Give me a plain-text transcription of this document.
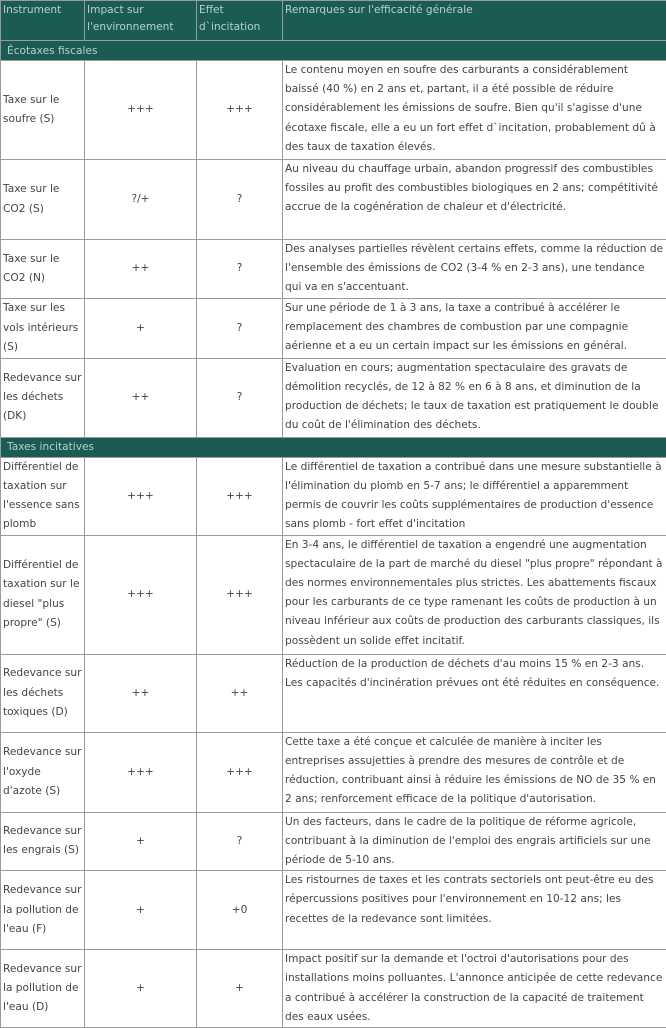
Instrument	Impact sur l'environnement	Effet d`incitation	Remarques sur l'efficacité générale
Écotaxes fiscales			
Taxe sur le soufre (S)	+++	+++	Le contenu moyen en soufre des carburants a considérablement baissé (40 %) en 2 ans et, partant, il a été possible de réduire considérablement les émissions de soufre. Bien qu'il s'agisse d'une écotaxe fiscale, elle a eu un fort effet d`incitation, probablement dû à des taux de taxation élevés.
Taxe sur le CO2 (S)	?/+	?	Au niveau du chauffage urbain, abandon progressif des combustibles fossiles au profit des combustibles biologiques en 2 ans; compétitivité accrue de la cogénération de chaleur et d'électricité.
Taxe sur le CO2 (N)	++	?	Des analyses partielles révèlent certains effets, comme la réduction de l'ensemble des émissions de CO2 (3-4 % en 2-3 ans), une tendance qui va en s'accentuant.
Taxe sur les vols intérieurs (S)	+	?	Sur une période de 1 à 3 ans, la taxe a contribué à accélérer le remplacement des chambres de combustion par une compagnie aérienne et a eu un certain impact sur les émissions en général.
Redevance sur les déchets (DK)	++	?	Evaluation en cours; augmentation spectaculaire des gravats de démolition recyclés, de 12 à 82 % en 6 à 8 ans, et diminution de la production de déchets; le taux de taxation est pratiquement le double du coût de l'élimination des déchets.
Taxes incitatives			
Différentiel de taxation sur l'essence sans plomb	+++	+++	Le différentiel de taxation a contribué dans une mesure substantielle à l'élimination du plomb en 5-7 ans; le différentiel a apparemment permis de couvrir les coûts supplémentaires de production d'essence sans plomb - fort effet d'incitation
Différentiel de taxation sur le diesel "plus propre" (S)	+++	+++	En 3-4 ans, le différentiel de taxation a engendré une augmentation spectaculaire de la part de marché du diesel "plus propre" répondant à des normes environnementales plus strictes. Les abattements fiscaux pour les carburants de ce type ramenant les coûts de production à un niveau inférieur aux coûts de production des carburants classiques, ils possèdent un solide effet incitatif.
Redevance sur les déchets toxiques (D)	++	++	Réduction de la production de déchets d'au moins 15 % en 2-3 ans. Les capacités d'incinération prévues ont été réduites en conséquence.
Redevance sur l'oxyde d'azote (S)	+++	+++	Cette taxe a été conçue et calculée de manière à inciter les entreprises assujetties à prendre des mesures de contrôle et de réduction, contribuant ainsi à réduire les émissions de NO de 35 % en 2 ans; renforcement efficace de la politique d'autorisation.
Redevance sur les engrais (S)	+	?	Un des facteurs, dans le cadre de la politique de réforme agricole, contribuant à la diminution de l'emploi des engrais artificiels sur une période de 5-10 ans.
Redevance sur la pollution de l'eau (F)	+	+0	Les ristournes de taxes et les contrats sectoriels ont peut-être eu des répercussions positives pour l'environnement en 10-12 ans; les recettes de la redevance sont limitées.
Redevance sur la pollution de l'eau (D)	+	+	Impact positif sur la demande et l'octroi d'autorisations pour des installations moins polluantes. L'annonce anticipée de cette redevance a contribué à accélérer la construction de la capacité de traitement des eaux usées.
